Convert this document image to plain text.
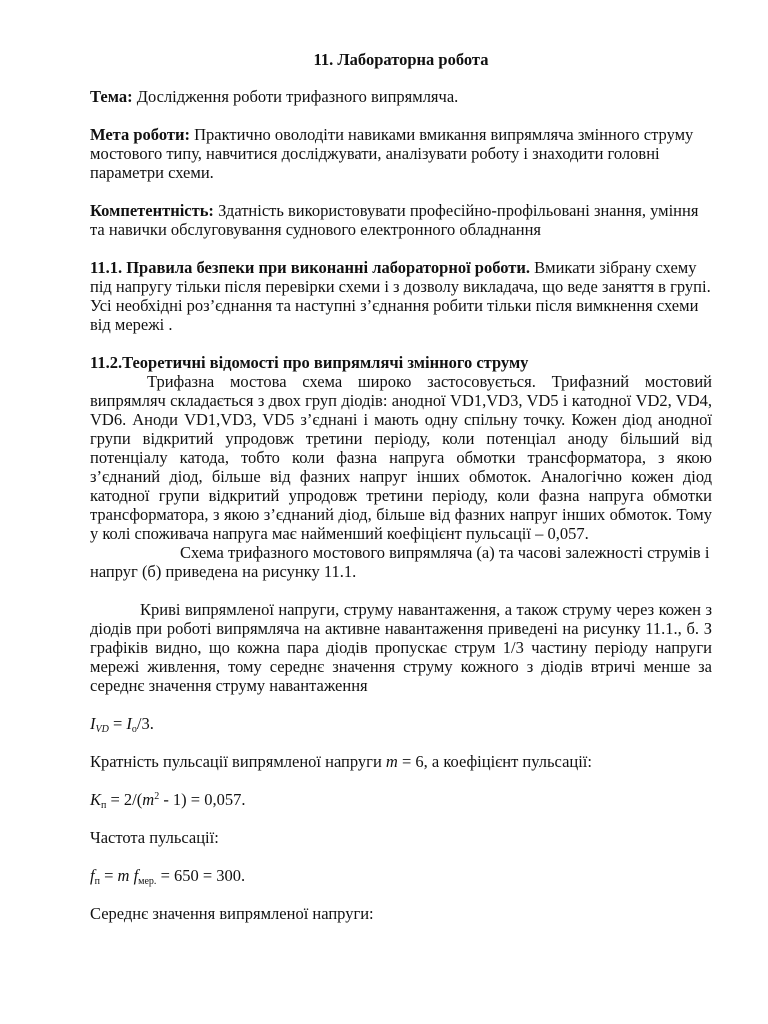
11. Лабораторна робота

Тема: Дослідження роботи трифазного випрямляча.

Мета роботи: Практично оволодіти навиками вмикання випрямляча змінного струму мостового типу, навчитися досліджувати, аналізувати роботу і знаходити головні параметри схеми.

Компетентність: Здатність використовувати професійно-профільовані знання, уміння та навички обслуговування суднового електронного обладнання

11.1. Правила безпеки при виконанні лабораторної роботи. Вмикати зібрану схему під напругу тільки після перевірки схеми і з дозволу викладача, що веде заняття в групі. Усі необхідні роз’єднання та наступні з’єднання робити тільки після вимкнення схеми від мережі .

11.2.Теоретичні відомості про випрямлячі змінного струму

Трифазна мостова схема широко застосовується. Трифазний мостовий випрямляч складається з двох груп діодів: анодної VD1,VD3, VD5 і катодної VD2, VD4, VD6. Аноди VD1,VD3, VD5 з’єднані і мають одну спільну точку. Кожен діод анодної групи відкритий упродовж третини періоду, коли потенціал аноду більший від потенціалу катода, тобто коли фазна напруга обмотки трансформатора, з якою з’єднаний діод, більше від фазних напруг інших обмоток. Аналогічно кожен діод катодної групи відкритий упродовж третини періоду, коли фазна напруга обмотки трансформатора, з якою з’єднаний діод, більше від фазних напруг інших обмоток. Тому у колі споживача напруга має найменший коефіцієнт пульсації – 0,057.

Схема трифазного мостового випрямляча (а) та часові залежності струмів і напруг (б) приведена на рисунку 11.1.

Криві випрямленої напруги, струму навантаження, а також струму через кожен з діодів при роботі випрямляча на активне навантаження приведені на рисунку 11.1., б. З графіків видно, що кожна пара діодів пропускає струм 1/3 частину періоду напруги мережі живлення, тому середнє значення струму кожного з діодів втричі менше за середнє значення струму навантаження

$I_{VD} = I_o/3$.

Кратність пульсації випрямленої напруги m = 6, а коефіцієнт пульсації:

$K_п = 2/(m^2 - 1) = 0,057$.

Частота пульсації:

$f_п = m$ $f_{мер.} = 650 = 300$.

Середнє значення випрямленої напруги:
